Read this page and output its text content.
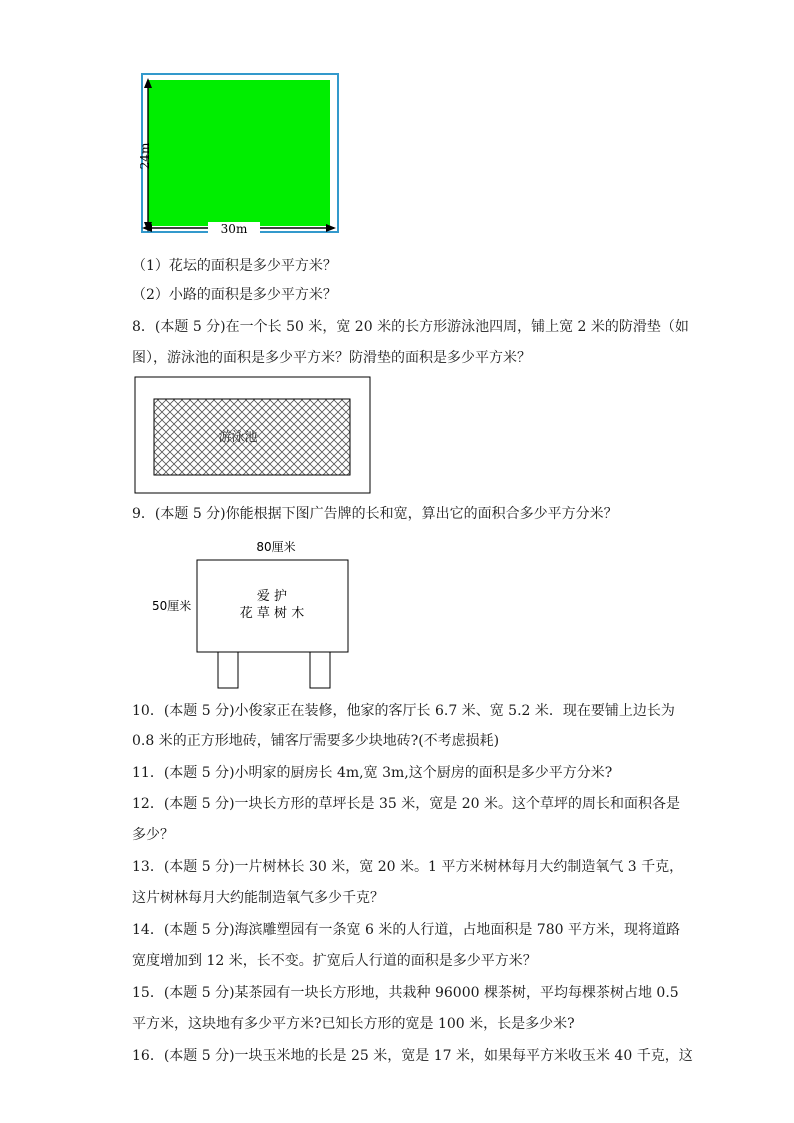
30m
24m
（1）花坛的面积是多少平方米？
（2）小路的面积是多少平方米？
8．(本题 5 分)在一个长 50 米，宽 20 米的长方形游泳池四周，铺上宽 2 米的防滑垫（如
图），游泳池的面积是多少平方米？防滑垫的面积是多少平方米？
游泳池
9．(本题 5 分)你能根据下图广告牌的长和宽，算出它的面积合多少平方分米？
80厘米
50厘米
爱 护
花 草 树 木
10．(本题 5 分)小俊家正在装修，他家的客厅长 6.7 米、宽 5.2 米．现在要铺上边长为
0.8 米的正方形地砖，铺客厅需要多少块地砖?(不考虑损耗)
11．(本题 5 分)小明家的厨房长 4m,宽 3m,这个厨房的面积是多少平方分米?
12．(本题 5 分)一块长方形的草坪长是 35 米，宽是 20 米。这个草坪的周长和面积各是
多少？
13．(本题 5 分)一片树林长 30 米，宽 20 米。1 平方米树林每月大约制造氧气 3 千克，
这片树林每月大约能制造氧气多少千克？
14．(本题 5 分)海滨雕塑园有一条宽 6 米的人行道，占地面积是 780 平方米，现将道路
宽度增加到 12 米，长不变。扩宽后人行道的面积是多少平方米？
15．(本题 5 分)某茶园有一块长方形地，共栽种 96000 棵茶树，平均每棵茶树占地 0.5
平方米，这块地有多少平方米?已知长方形的宽是 100 米，长是多少米?
16．(本题 5 分)一块玉米地的长是 25 米，宽是 17 米，如果每平方米收玉米 40 千克，这
